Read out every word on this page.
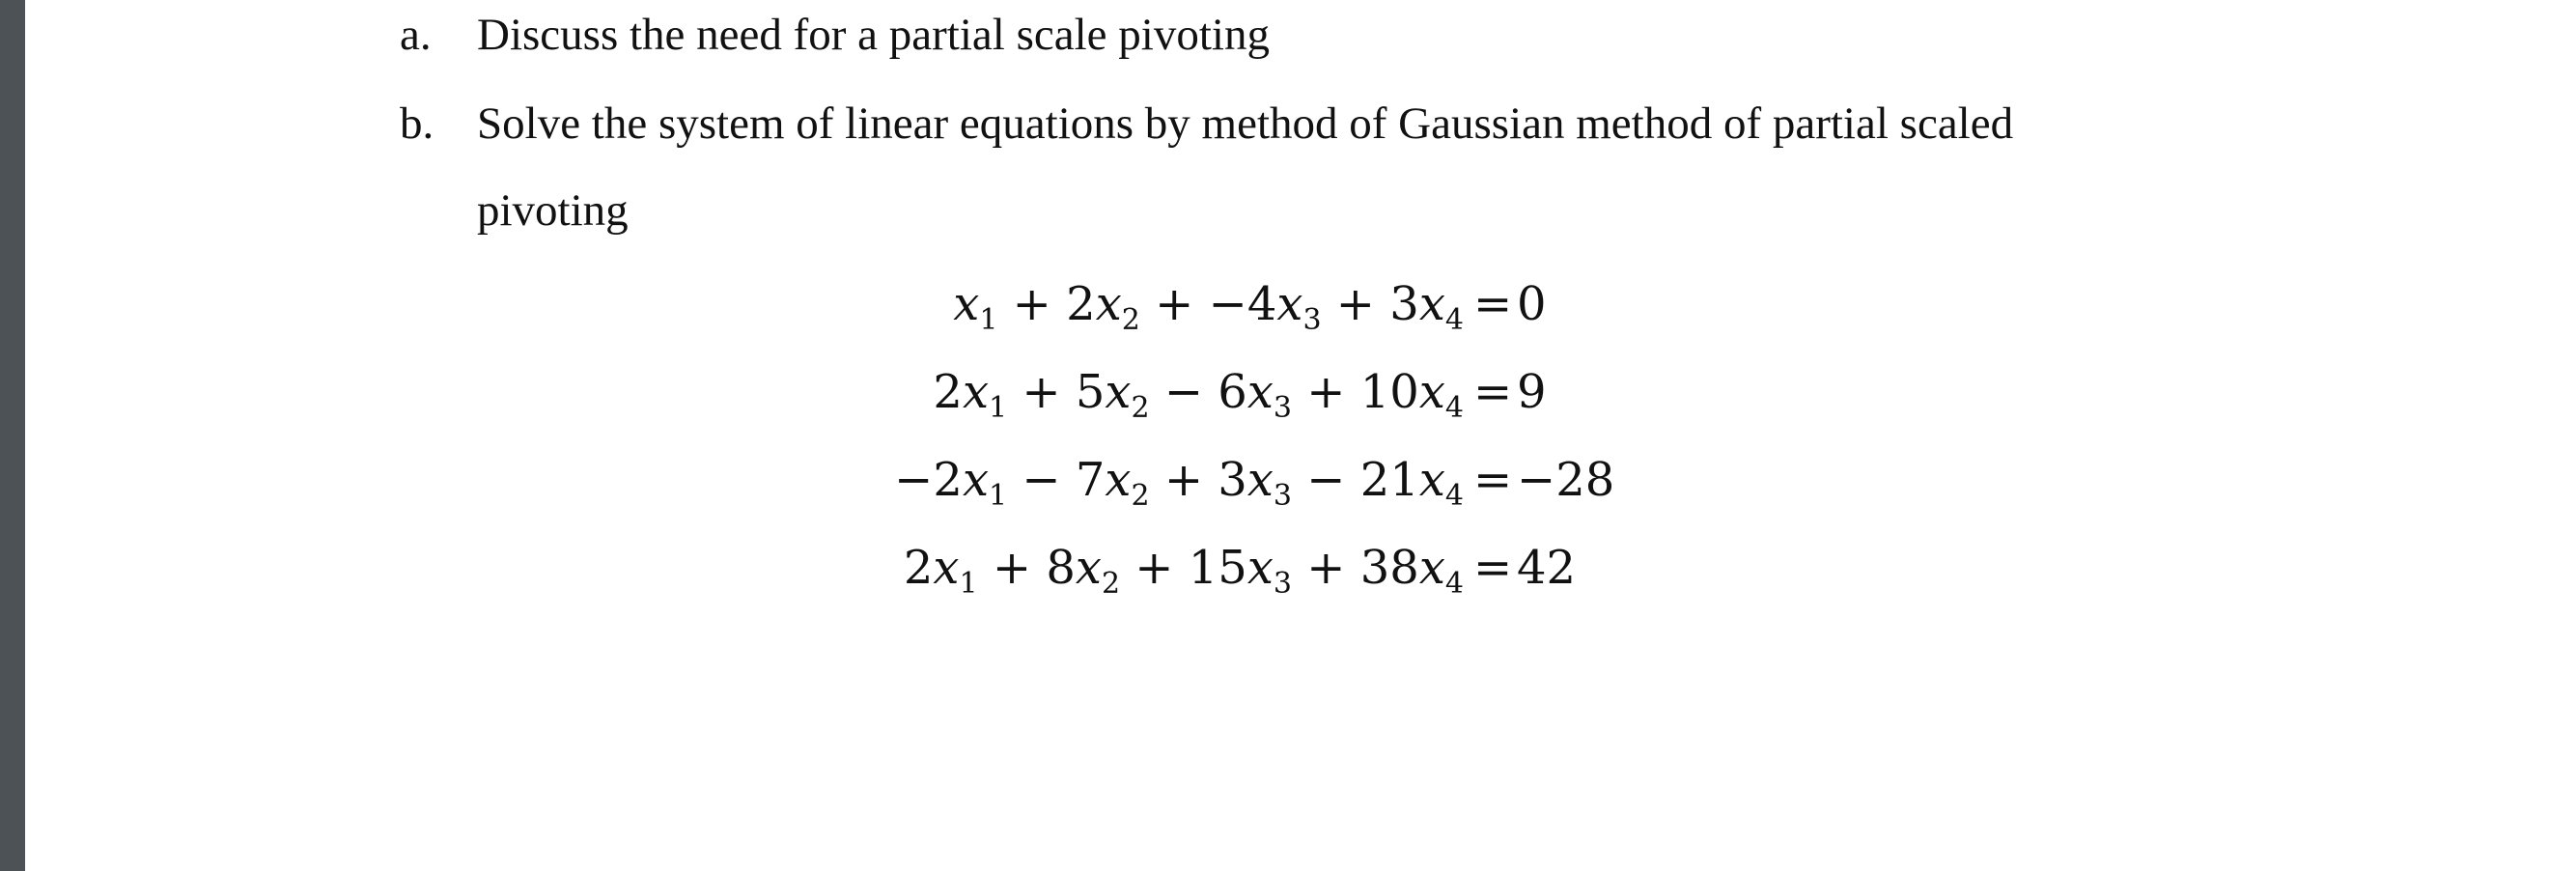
a. Discuss the need for a partial scale pivoting
b. Solve the system of linear equations by method of Gaussian method of partial scaled
pivoting
$x_1 + 2x_2 + -4x_3 + 3x_4 = 0$
$2x_1 + 5x_2 - 6x_3 + 10x_4 = 9$
$-2x_1 - 7x_2 + 3x_3 - 21x_4 = -28$
$2x_1 + 8x_2 + 15x_3 + 38x_4 = 42$
